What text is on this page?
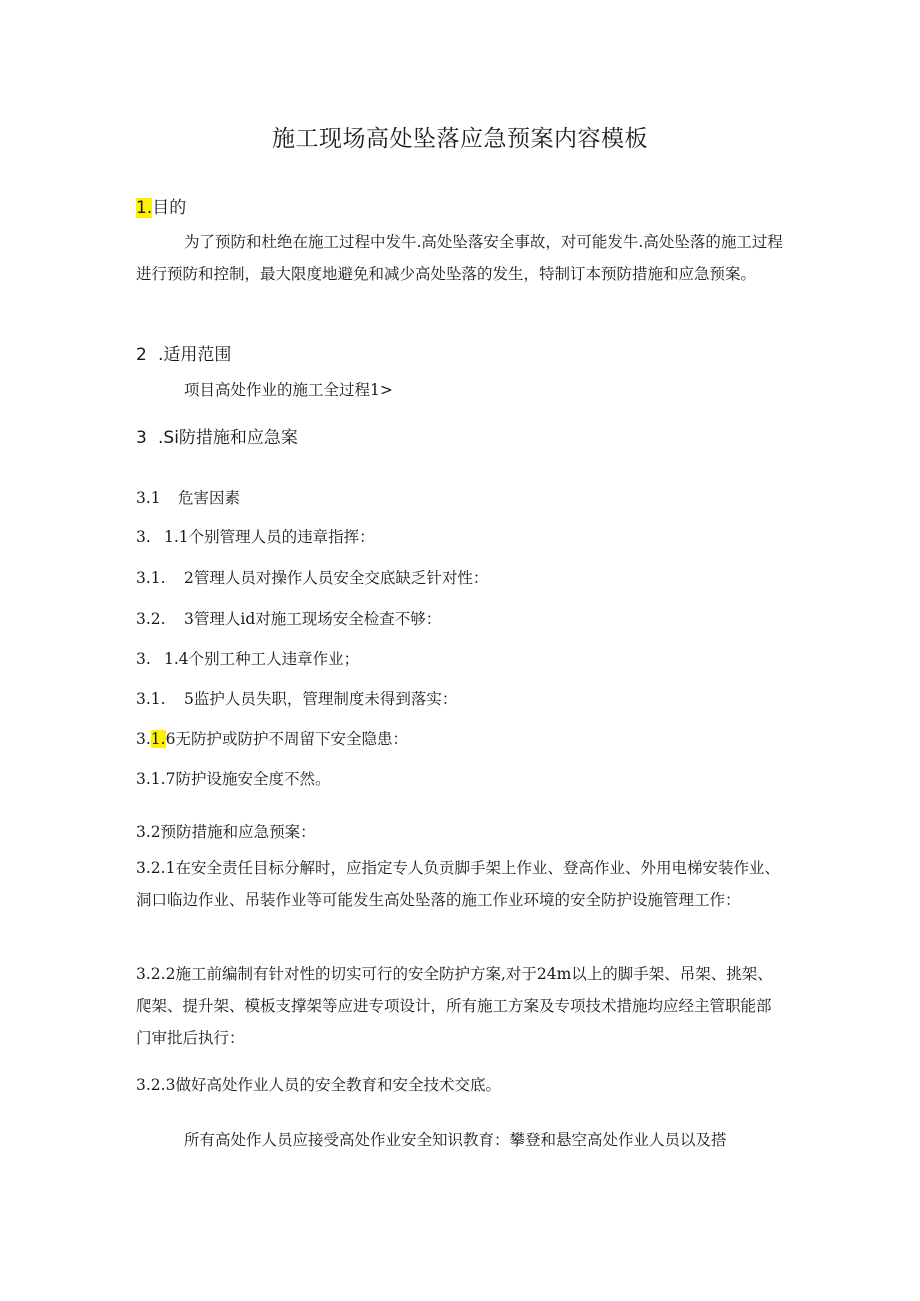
施工现场高处坠落应急预案内容模板
1.目的
为了预防和杜绝在施工过程中发牛.高处坠落安全事故，对可能发牛.高处坠落的施工过程进行预防和控制，最大限度地避免和减少高处坠落的发生，特制订本预防措施和应急预案。
2 .适用范围
项目高处作业的施工全过程1>
3 .Si防措施和应急案
3.1 危害因素
3. 1.1个别管理人员的违章指挥：
3.1. 2管理人员对操作人员安全交底缺乏针对性：
3.2. 3管理人id对施工现场安全检查不够：
3. 1.4个别工种工人违章作业；
3.1. 5监护人员失职，管理制度未得到落实：
3.1.6无防护或防护不周留下安全隐患：
3.1.7防护设施安全度不然。
3.2预防措施和应急预案：
3.2.1在安全责任目标分解时，应指定专人负贡脚手架上作业、登高作业、外用电梯安装作业、洞口临边作业、吊装作业等可能发生高处坠落的施工作业环境的安全防护设施管理工作：
3.2.2施工前编制有针对性的切实可行的安全防护方案,对于24m以上的脚手架、吊架、挑架、爬架、提升架、模板支撑架等应进专项设计，所有施工方案及专项技术措施均应经主管职能部门审批后执行：
3.2.3做好高处作业人员的安全教育和安全技术交底。
所有高处作人员应接受高处作业安全知识教育：攀登和悬空高处作业人员以及搭
